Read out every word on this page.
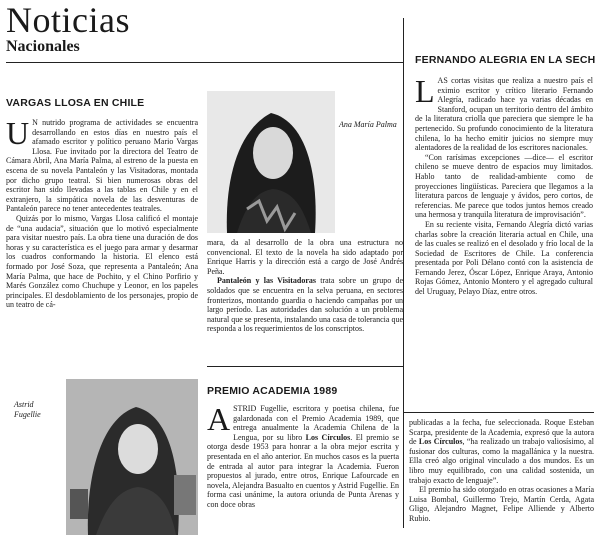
Noticias
Nacionales
VARGAS LLOSA EN CHILE
U N nutrido programa de actividades se encuentra desarrollando en estos días en nuestro país el afamado escritor y político peruano Mario Vargas Llosa. Fue invitado por la directora del Teatro de Cámara Abril, Ana María Palma, al estreno de la puesta en escena de su novela Pantaleón y las Visitadoras, montada por dicho grupo teatral. Si bien numerosas obras del escritor han sido llevadas a las tablas en Chile y en el extranjero, la simpática novela de las desventuras de Pantaleón parece no tener antecedentes teatrales.

Quizás por lo mismo, Vargas Llosa calificó el montaje de “una audacia”, situación que lo motivó especialmente para visitar nuestro país. La obra tiene una duración de dos horas y su característica es el juego para armar y desarmar los cuadros conformando la historia. El elenco está formado por José Soza, que representa a Pantaleón; Ana María Palma, que hace de Pochito, y el Chino Porfirio y Marés González como Chuchupe y Leonor, en los papeles principales. El desdoblamiento de los personajes, propio de un teatro de cá-

Ana María Palma

mara, da al desarrollo de la obra una estructura no convencional. El texto de la novela ha sido adaptado por Enrique Harris y la dirección está a cargo de José Andrés Peña.

Pantaleón y las Visitadoras trata sobre un grupo de soldados que se encuentra en la selva peruana, en sectores fronterizos, montando guardia o haciendo campañas por un largo período. Las autoridades dan solución a un problema natural que se presenta, instalando una casa de tolerancia que responda a los requerimientos de los conscriptos.

FERNANDO ALEGRIA EN LA SECH
L AS cortas visitas que realiza a nuestro país el eximio escritor y crítico literario Fernando Alegría, radicado hace ya varias décadas en Stanford, ocupan un territorio dentro del ámbito de la literatura criolla que pareciera que siempre le ha pertenecido. Su profundo conocimiento de la literatura chilena, lo ha hecho emitir juicios no siempre muy alentadores de la realidad de los escritores nacionales.

“Con rarísimas excepciones —dice— el escritor chileno se mueve dentro de espacios muy limitados. Hablo tanto de realidad-ambiente como de proyecciones lingüísticas. Pareciera que llegamos a la literatura parcos de lenguaje y ávidos, pero cortos, de referencias. Me parece que todos juntos hemos creado una hermosa y tranquila literatura de improvisación”.

En su reciente visita, Fernando Alegría dictó varias charlas sobre la creación literaria actual en Chile, una de las cuales se realizó en el desolado y frío local de la Sociedad de Escritores de Chile. La conferencia presentada por Poli Délano contó con la asistencia de Fernando Jerez, Óscar López, Enrique Araya, Antonio Rojas Gómez, Antonio Montero y el agregado cultural del Uruguay, Pelayo Díaz, entre otros.

Astrid
Fugellie
PREMIO ACADEMIA 1989
A STRID Fugellie, escritora y poetisa chilena, fue galardonada con el Premio Academia 1989, que entrega anualmente la Academia Chilena de la Lengua, por su libro Los Círculos. El premio se otorga desde 1953 para honrar a la obra mejor escrita y presentada en el año anterior. En muchos casos es la puerta de entrada al autor para integrar la Academia. Fueron propuestos al jurado, entre otros, Enrique Lafourcade en novela, Alejandra Basualto en cuentos y Astrid Fugellie. En forma casi unánime, la autora oriunda de Punta Arenas y con doce obras

publicadas a la fecha, fue seleccionada. Roque Esteban Scarpa, presidente de la Academia, expresó que la autora de Los Círculos, “ha realizado un trabajo valiosísimo, al fusionar dos culturas, como la magallánica y la nuestra. Ella creó algo original vinculado a dos mundos. Es un libro muy equilibrado, con una calidad sostenida, un trabajo exacto de lenguaje”.

El premio ha sido otorgado en otras ocasiones a María Luisa Bombal, Guillermo Trejo, Martín Cerda, Agata Gligo, Alejandro Magnet, Felipe Alliende y Alberto Rubio.
